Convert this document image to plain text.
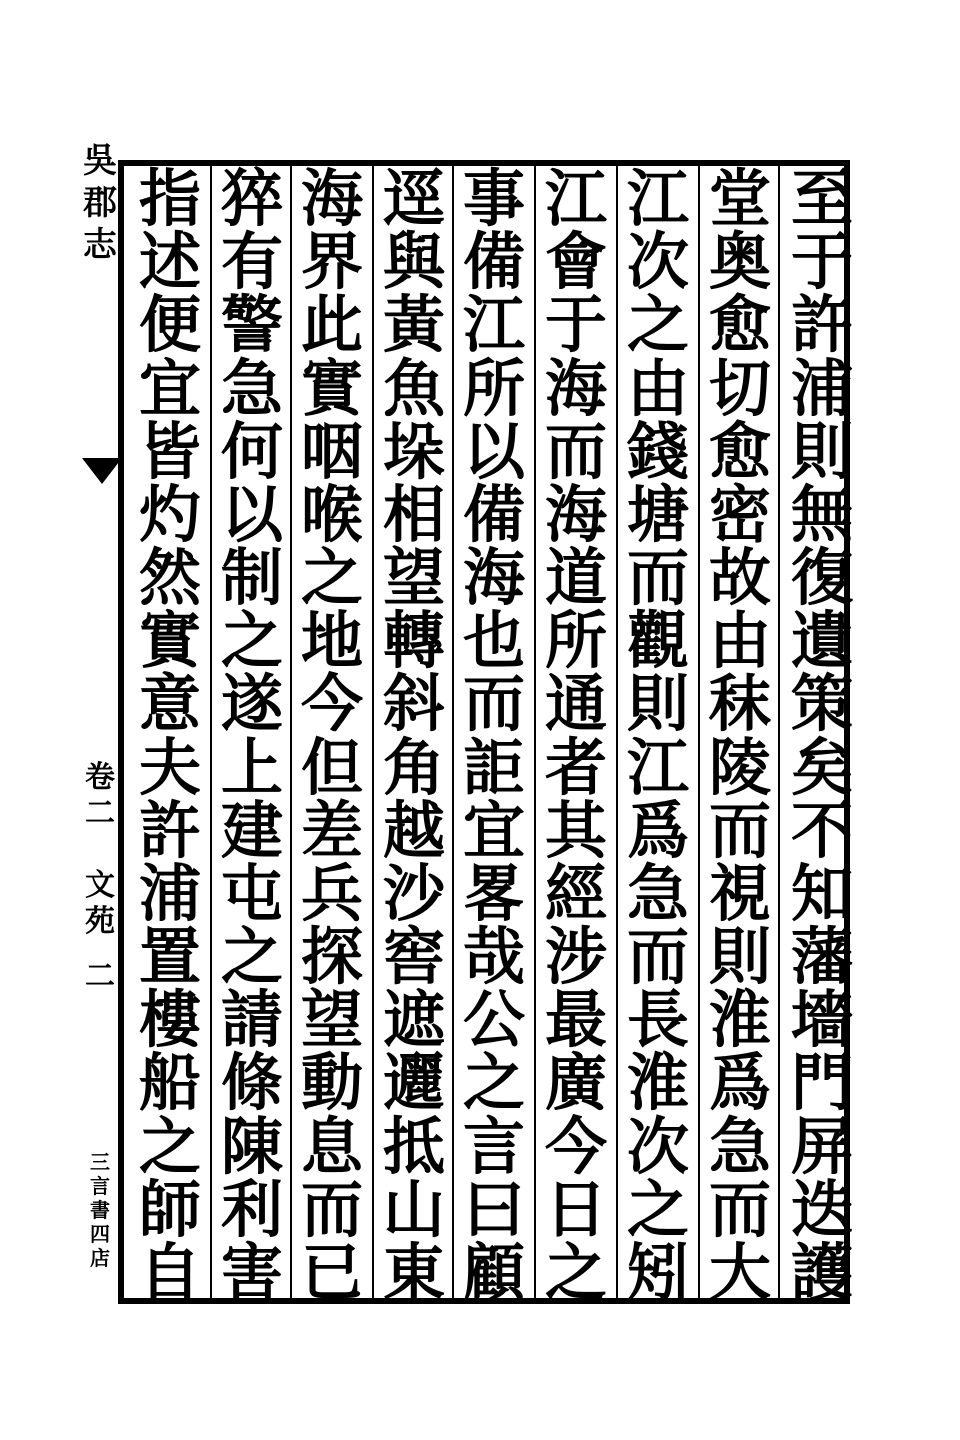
至
于
許
浦
則
無
復
遺
策
矣
不
知
藩
墻
門
屏
迭
護
堂
奥
愈
切
愈
密
故
由
秣
陵
而
視
則
淮
爲
急
而
大
江
次
之
由
錢
塘
而
觀
則
江
爲
急
而
長
淮
次
之
矧
江
會
于
海
而
海
道
所
通
者
其
經
涉
最
廣
今
日
之
事
備
江
所
以
備
海
也
而
詎
宜
畧
哉
公
之
言
曰
顧
逕
與
黃
魚
垛
相
望
轉
斜
角
越
沙
窖
遮
邐
抵
山
東
海
界
此
實
咽
喉
之
地
今
但
差
兵
探
望
動
息
而
已
猝
有
警
急
何
以
制
之
遂
上
建
屯
之
請
條
陳
利
害
指
述
便
宜
皆
灼
然
實
意
夫
許
浦
置
樓
船
之
師
自
吳
郡
志
卷
二

文
苑
二
三
言
書
四
店
